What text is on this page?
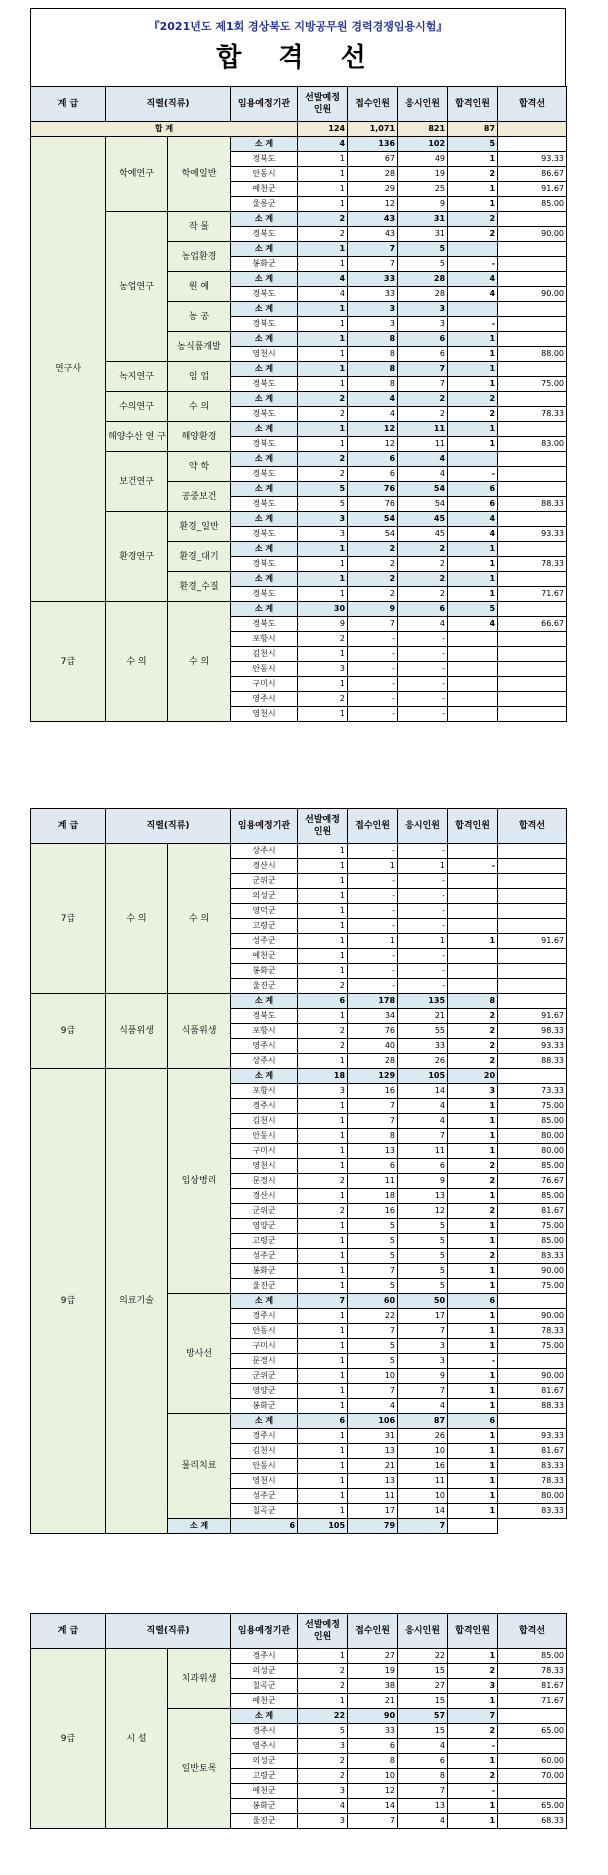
『2021년도 제1회 경상북도 지방공무원 경력경쟁임용시험』
합 격 선
계 급	직렬(직류)		임용예정기관	선발예정 인원	접수인원	응시인원	합격인원	합격선
합 계				124	1,071	821	87	
연구사	학예연구	학예일반	소 계	4	136	102	5	
			경북도	1	67	49	1	93.33
			안동시	1	28	19	2	86.67
			예천군	1	29	25	1	91.67
			울릉군	1	12	9	1	85.00
	농업연구	작 물	소 계	2	43	31	2	
			경북도	2	43	31	2	90.00
		농업환경	소 계	1	7	5		
			봉화군	1	7	5	-	
		원 예	소 계	4	33	28	4	
			경북도	4	33	28	4	90.00
		농 공	소 계	1	3	3		
			경북도	1	3	3	-	
		농식품개발	소 계	1	8	6	1	
			영천시	1	8	6	1	88.00
	녹지연구	임 업	소 계	1	8	7	1	
			경북도	1	8	7	1	75.00
	수의연구	수 의	소 계	2	4	2	2	
			경북도	2	4	2	2	78.33
	해양수산 연 구	해양환경	소 계	1	12	11	1	
			경북도	1	12	11	1	83.00
	보건연구	약 학	소 계	2	6	4		
			경북도	2	6	4	-	
		공중보건	소 계	5	76	54	6	
			경북도	5	76	54	6	88.33
	환경연구	환경_일반	소 계	3	54	45	4	
			경북도	3	54	45	4	93.33
		환경_대기	소 계	1	2	2	1	
			경북도	1	2	2	1	78.33
		환경_수질	소 계	1	2	2	1	
			경북도	1	2	2	1	71.67
7급	수 의	수 의	소 계	30	9	6	5	
			경북도	9	7	4	4	66.67
			포항시	2	-	-		
			김천시	1	-	-		
			안동시	3	-	-		
			구미시	1	-	-		
			영주시	2	-	-		
			영천시	1	-	-		
계 급	직렬(직류)		임용예정기관	선발예정 인원	접수인원	응시인원	합격인원	합격선
7급	수 의	수 의	상주시	1	-	-		
			경산시	1	1	1	-	
			군위군	1	-	-		
			의성군	1	-	-		
			영덕군	1	-	-		
			고령군	1	-	-		
			성주군	1	1	1	1	91.67
			예천군	1	-	-		
			봉화군	1	-	-		
			울진군	2	-	-		
9급	식품위생	식품위생	소 계	6	178	135	8	
			경북도	1	34	21	2	91.67
			포항시	2	76	55	2	98.33
			영주시	2	40	33	2	93.33
			상주시	1	28	26	2	88.33
9급	의료기술	임상병리	소 계	18	129	105	20	
			포항시	3	16	14	3	73.33
			경주시	1	7	4	1	75.00
			김천시	1	7	4	1	85.00
			안동시	1	8	7	1	80.00
			구미시	1	13	11	1	80.00
			영천시	1	6	6	2	85.00
			문경시	2	11	9	2	76.67
			경산시	1	18	13	1	85.00
			군위군	2	16	12	2	81.67
			영양군	1	5	5	1	75.00
			고령군	1	5	5	1	85.00
			성주군	1	5	5	2	83.33
			봉화군	1	7	5	1	90.00
			울진군	1	5	5	1	75.00
		방사선	소 계	7	60	50	6	
			경주시	1	22	17	1	90.00
			안동시	1	7	7	1	78.33
			구미시	1	5	3	1	75.00
			문경시	1	5	3	-	
			군위군	1	10	9	1	90.00
			영양군	1	7	7	1	81.67
			봉화군	1	4	4	1	88.33
		물리치료	소 계	6	106	87	6	
			경주시	1	31	26	1	93.33
			김천시	1	13	10	1	81.67
			안동시	1	21	16	1	83.33
			영천시	1	13	11	1	78.33
			성주군	1	11	10	1	80.00
			칠곡군	1	17	14	1	83.33
		소 계	6	105	79	7		
계 급	직렬(직류)		임용예정기관	선발예정 인원	접수인원	응시인원	합격인원	합격선
9급	시 설	치과위생	경주시	1	27	22	1	85.00
			의성군	2	19	15	2	78.33
			칠곡군	2	38	27	3	81.67
			예천군	1	21	15	1	71.67
		일반토목	소 계	22	90	57	7	
			경주시	5	33	15	2	65.00
			영주시	3	6	4	-	
			의성군	2	8	6	1	60.00
			고령군	2	10	8	2	70.00
			예천군	3	12	7	-	
			봉화군	4	14	13	1	65.00
			울진군	3	7	4	1	68.33
